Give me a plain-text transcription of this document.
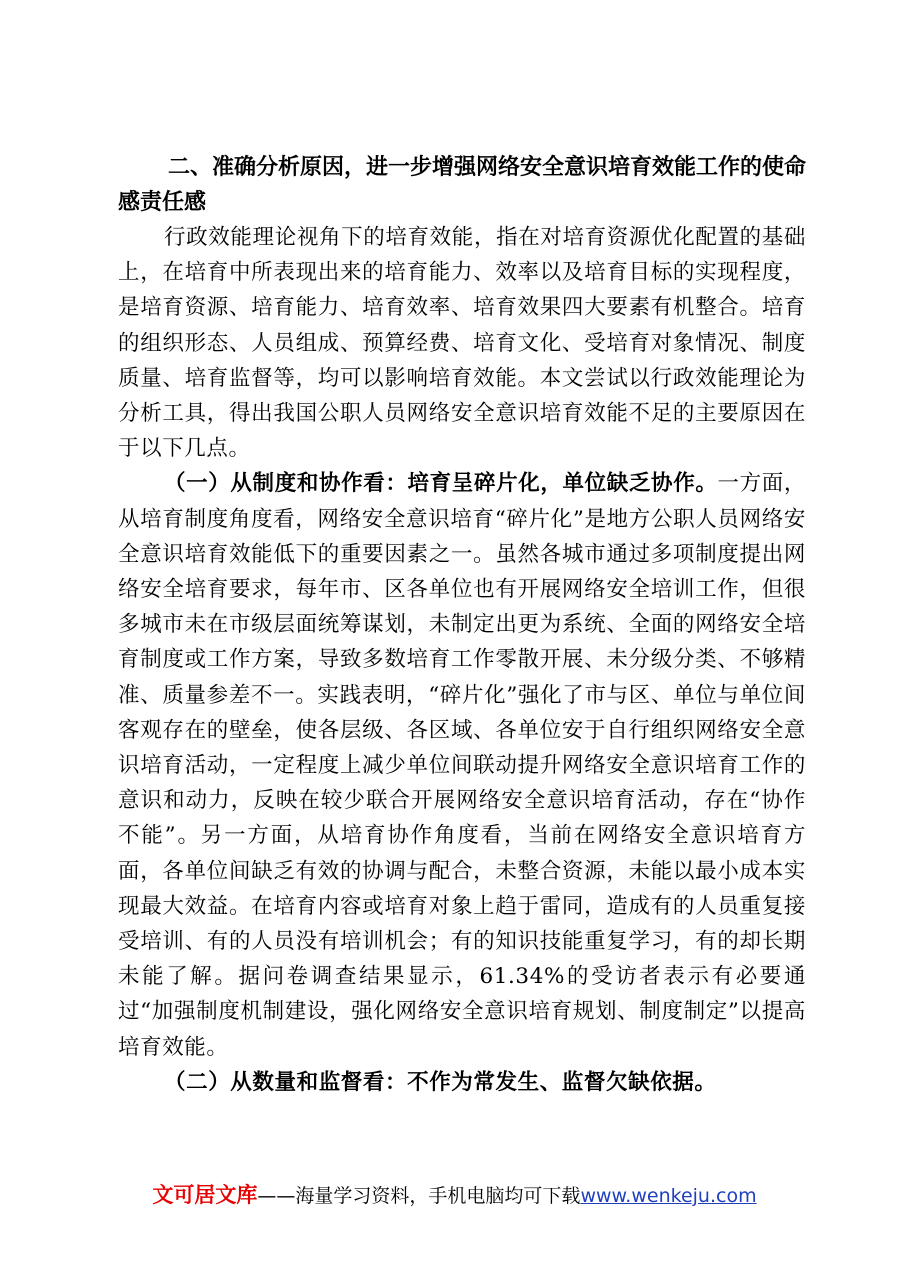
二、准确分析原因，进一步增强网络安全意识培育效能工作的使命感责任感

行政效能理论视角下的培育效能，指在对培育资源优化配置的基础上，在培育中所表现出来的培育能力、效率以及培育目标的实现程度，是培育资源、培育能力、培育效率、培育效果四大要素有机整合。培育的组织形态、人员组成、预算经费、培育文化、受培育对象情况、制度质量、培育监督等，均可以影响培育效能。本文尝试以行政效能理论为分析工具，得出我国公职人员网络安全意识培育效能不足的主要原因在于以下几点。

（一）从制度和协作看：培育呈碎片化，单位缺乏协作。一方面，从培育制度角度看，网络安全意识培育“碎片化”是地方公职人员网络安全意识培育效能低下的重要因素之一。虽然各城市通过多项制度提出网络安全培育要求，每年市、区各单位也有开展网络安全培训工作，但很多城市未在市级层面统筹谋划，未制定出更为系统、全面的网络安全培育制度或工作方案，导致多数培育工作零散开展、未分级分类、不够精准、质量参差不一。实践表明，“碎片化”强化了市与区、单位与单位间客观存在的壁垒，使各层级、各区域、各单位安于自行组织网络安全意识培育活动，一定程度上减少单位间联动提升网络安全意识培育工作的意识和动力，反映在较少联合开展网络安全意识培育活动，存在“协作不能”。另一方面，从培育协作角度看，当前在网络安全意识培育方面，各单位间缺乏有效的协调与配合，未整合资源，未能以最小成本实现最大效益。在培育内容或培育对象上趋于雷同，造成有的人员重复接受培训、有的人员没有培训机会；有的知识技能重复学习，有的却长期未能了解。据问卷调查结果显示，61.34%的受访者表示有必要通过“加强制度机制建设，强化网络安全意识培育规划、制度制定”以提高培育效能。

（二）从数量和监督看：不作为常发生、监督欠缺依据。

文可居文库——海量学习资料，手机电脑均可下载www.wenkeju.com
